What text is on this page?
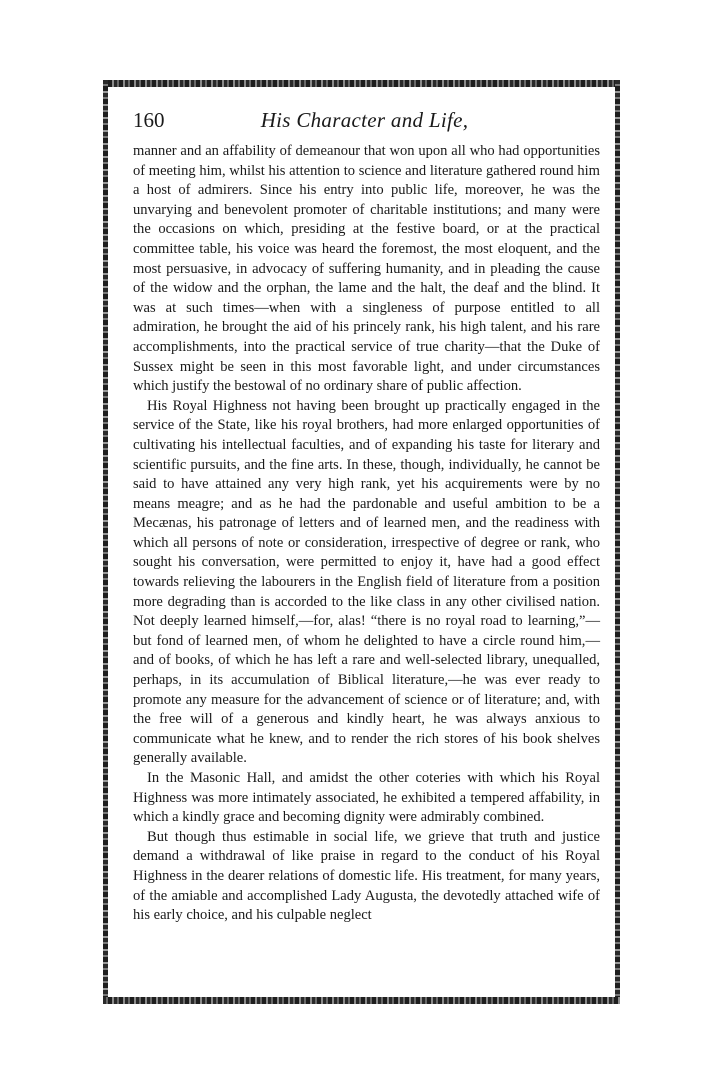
His Character and Life,
160

manner and an affability of demeanour that won upon all who had opportunities of meeting him, whilst his attention to science and literature gathered round him a host of admirers. Since his entry into public life, moreover, he was the unvarying and benevolent promoter of charitable institutions; and many were the occasions on which, presiding at the festive board, or at the practical committee table, his voice was heard the foremost, the most eloquent, and the most persuasive, in advocacy of suffering humanity, and in pleading the cause of the widow and the orphan, the lame and the halt, the deaf and the blind. It was at such times—when with a singleness of purpose entitled to all admiration, he brought the aid of his princely rank, his high talent, and his rare accomplishments, into the practical service of true charity—that the Duke of Sussex might be seen in this most favorable light, and under circumstances which justify the bestowal of no ordinary share of public affection.

His Royal Highness not having been brought up practically engaged in the service of the State, like his royal brothers, had more enlarged opportunities of cultivating his intellectual faculties, and of expanding his taste for literary and scientific pursuits, and the fine arts. In these, though, individually, he cannot be said to have attained any very high rank, yet his acquirements were by no means meagre; and as he had the pardonable and useful ambition to be a Mecænas, his patronage of letters and of learned men, and the readiness with which all persons of note or consideration, irrespective of degree or rank, who sought his conversation, were permitted to enjoy it, have had a good effect towards relieving the labourers in the English field of literature from a position more degrading than is accorded to the like class in any other civilised nation. Not deeply learned himself,—for, alas! “there is no royal road to learning,”—but fond of learned men, of whom he delighted to have a circle round him,—and of books, of which he has left a rare and well-selected library, unequalled, perhaps, in its accumulation of Biblical literature,—he was ever ready to promote any measure for the advancement of science or of literature; and, with the free will of a generous and kindly heart, he was always anxious to communicate what he knew, and to render the rich stores of his book shelves generally available.

In the Masonic Hall, and amidst the other coteries with which his Royal Highness was more intimately associated, he exhibited a tempered affability, in which a kindly grace and becoming dignity were admirably combined.

But though thus estimable in social life, we grieve that truth and justice demand a withdrawal of like praise in regard to the conduct of his Royal Highness in the dearer relations of domestic life. His treatment, for many years, of the amiable and accomplished Lady Augusta, the devotedly attached wife of his early choice, and his culpable neglect
